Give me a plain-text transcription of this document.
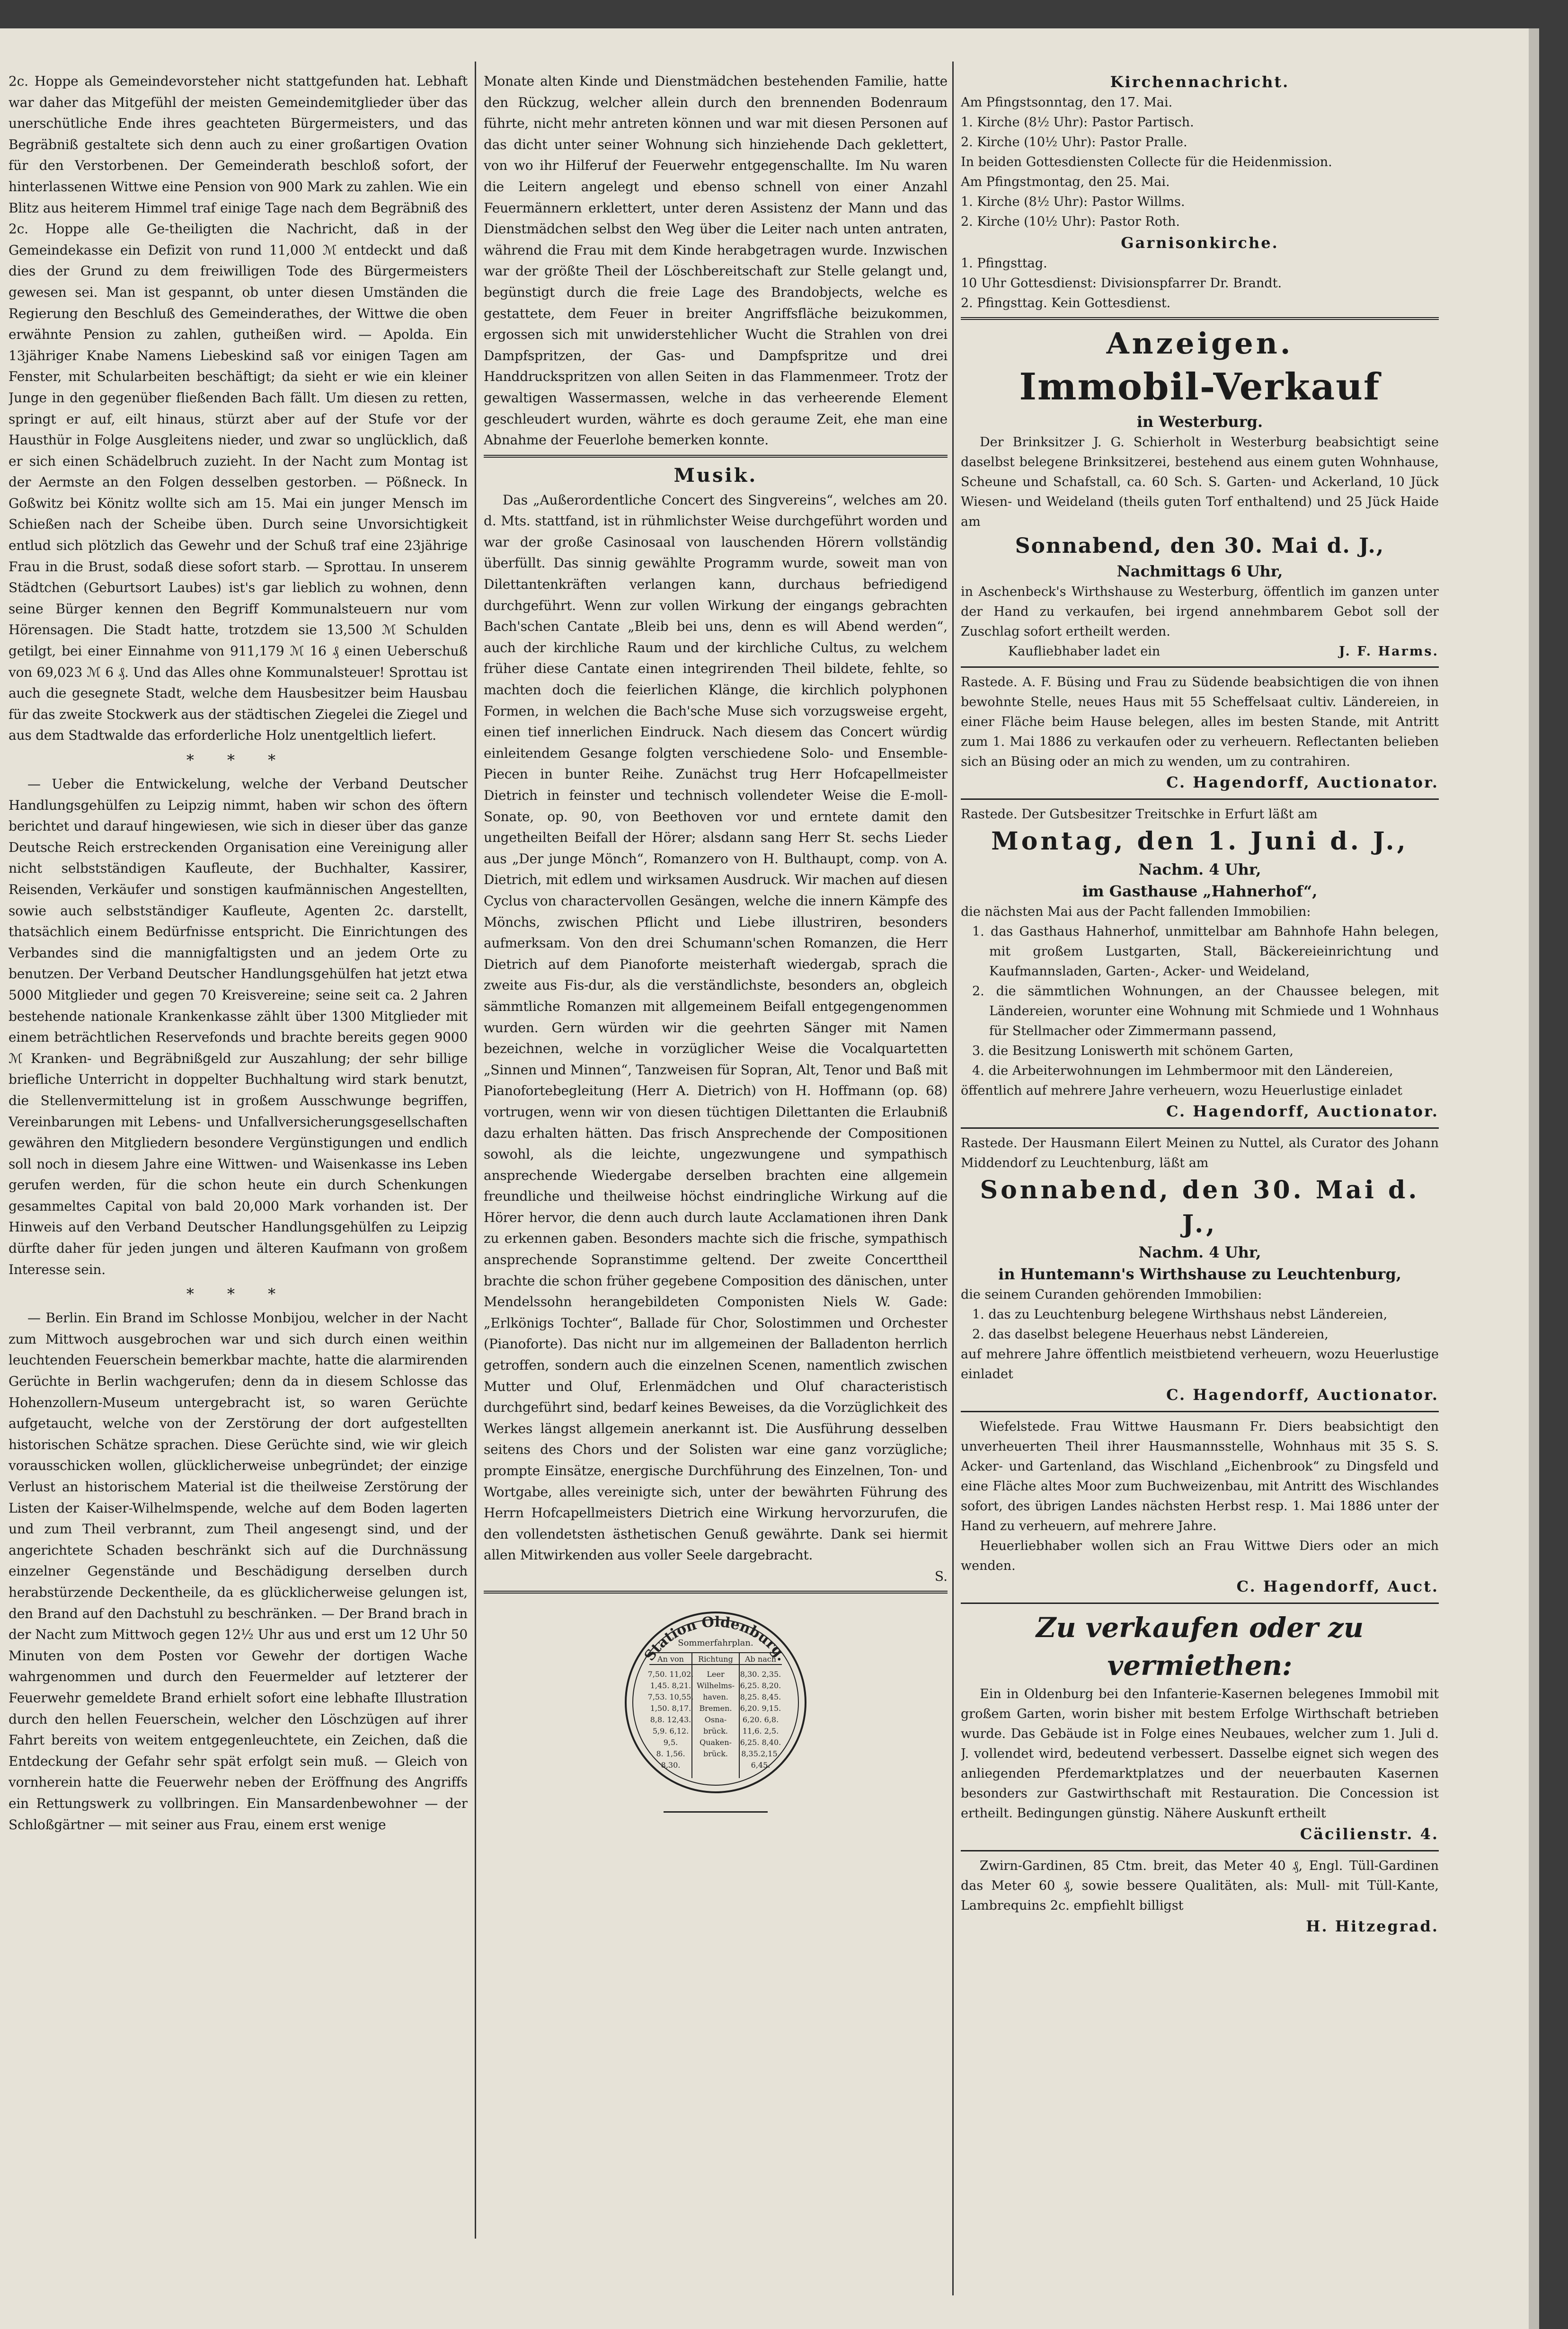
2c. Hoppe als Gemeindevorsteher nicht stattgefunden hat. Lebhaft war daher das Mitgefühl der meisten Gemeindemitglieder über das unerschütliche Ende ihres geachteten Bürgermeisters, und das Begräbniß gestaltete sich denn auch zu einer großartigen Ovation für den Verstorbenen. Der Gemeinderath beschloß sofort, der hinterlassenen Wittwe eine Pension von 900 Mark zu zahlen. Wie ein Blitz aus heiterem Himmel traf einige Tage nach dem Begräbniß des 2c. Hoppe alle Ge-theiligten die Nachricht, daß in der Gemeindekasse ein Defizit von rund 11,000 ℳ entdeckt und daß dies der Grund zu dem freiwilligen Tode des Bürgermeisters gewesen sei. Man ist gespannt, ob unter diesen Umständen die Regierung den Beschluß des Gemeinderathes, der Wittwe die oben erwähnte Pension zu zahlen, gutheißen wird. — Apolda. Ein 13jähriger Knabe Namens Liebeskind saß vor einigen Tagen am Fenster, mit Schularbeiten beschäftigt; da sieht er wie ein kleiner Junge in den gegenüber fließenden Bach fällt. Um diesen zu retten, springt er auf, eilt hinaus, stürzt aber auf der Stufe vor der Hausthür in Folge Ausgleitens nieder, und zwar so unglücklich, daß er sich einen Schädelbruch zuzieht. In der Nacht zum Montag ist der Aermste an den Folgen desselben gestorben. — Pößneck. In Goßwitz bei Könitz wollte sich am 15. Mai ein junger Mensch im Schießen nach der Scheibe üben. Durch seine Unvorsichtigkeit entlud sich plötzlich das Gewehr und der Schuß traf eine 23jährige Frau in die Brust, sodaß diese sofort starb. — Sprottau. In unserem Städtchen (Geburtsort Laubes) ist's gar lieblich zu wohnen, denn seine Bürger kennen den Begriff Kommunalsteuern nur vom Hörensagen. Die Stadt hatte, trotzdem sie 13,500 ℳ Schulden getilgt, bei einer Einnahme von 911,179 ℳ 16 ₰ einen Ueberschuß von 69,023 ℳ 6 ₰. Und das Alles ohne Kommunalsteuer! Sprottau ist auch die gesegnete Stadt, welche dem Hausbesitzer beim Hausbau für das zweite Stockwerk aus der städtischen Ziegelei die Ziegel und aus dem Stadtwalde das erforderliche Holz unentgeltlich liefert.

* * *

— Ueber die Entwickelung, welche der Verband Deutscher Handlungsgehülfen zu Leipzig nimmt, haben wir schon des öftern berichtet und darauf hingewiesen, wie sich in dieser über das ganze Deutsche Reich erstreckenden Organisation eine Vereinigung aller nicht selbstständigen Kaufleute, der Buchhalter, Kassirer, Reisenden, Verkäufer und sonstigen kaufmännischen Angestellten, sowie auch selbstständiger Kaufleute, Agenten 2c. darstellt, thatsächlich einem Bedürfnisse entspricht. Die Einrichtungen des Verbandes sind die mannigfaltigsten und an jedem Orte zu benutzen. Der Verband Deutscher Handlungsgehülfen hat jetzt etwa 5000 Mitglieder und gegen 70 Kreisvereine; seine seit ca. 2 Jahren bestehende nationale Krankenkasse zählt über 1300 Mitglieder mit einem beträchtlichen Reservefonds und brachte bereits gegen 9000 ℳ Kranken- und Begräbnißgeld zur Auszahlung; der sehr billige briefliche Unterricht in doppelter Buchhaltung wird stark benutzt, die Stellenvermittelung ist in großem Ausschwunge begriffen, Vereinbarungen mit Lebens- und Unfallversicherungsgesellschaften gewähren den Mitgliedern besondere Vergünstigungen und endlich soll noch in diesem Jahre eine Wittwen- und Waisenkasse ins Leben gerufen werden, für die schon heute ein durch Schenkungen gesammeltes Capital von bald 20,000 Mark vorhanden ist. Der Hinweis auf den Verband Deutscher Handlungsgehülfen zu Leipzig dürfte daher für jeden jungen und älteren Kaufmann von großem Interesse sein.

* * *

— Berlin. Ein Brand im Schlosse Monbijou, welcher in der Nacht zum Mittwoch ausgebrochen war und sich durch einen weithin leuchtenden Feuerschein bemerkbar machte, hatte die alarmirenden Gerüchte in Berlin wachgerufen; denn da in diesem Schlosse das Hohenzollern-Museum untergebracht ist, so waren Gerüchte aufgetaucht, welche von der Zerstörung der dort aufgestellten historischen Schätze sprachen. Diese Gerüchte sind, wie wir gleich vorausschicken wollen, glücklicherweise unbegründet; der einzige Verlust an historischem Material ist die theilweise Zerstörung der Listen der Kaiser-Wilhelmspende, welche auf dem Boden lagerten und zum Theil verbrannt, zum Theil angesengt sind, und der angerichtete Schaden beschränkt sich auf die Durchnässung einzelner Gegenstände und Beschädigung derselben durch herabstürzende Deckentheile, da es glücklicherweise gelungen ist, den Brand auf den Dachstuhl zu beschränken. — Der Brand brach in der Nacht zum Mittwoch gegen 12½ Uhr aus und erst um 12 Uhr 50 Minuten von dem Posten vor Gewehr der dortigen Wache wahrgenommen und durch den Feuermelder auf letzterer der Feuerwehr gemeldete Brand erhielt sofort eine lebhafte Illustration durch den hellen Feuerschein, welcher den Löschzügen auf ihrer Fahrt bereits von weitem entgegenleuchtete, ein Zeichen, daß die Entdeckung der Gefahr sehr spät erfolgt sein muß. — Gleich von vornherein hatte die Feuerwehr neben der Eröffnung des Angriffs ein Rettungswerk zu vollbringen. Ein Mansardenbewohner — der Schloßgärtner — mit seiner aus Frau, einem erst wenige

Monate alten Kinde und Dienstmädchen bestehenden Familie, hatte den Rückzug, welcher allein durch den brennenden Bodenraum führte, nicht mehr antreten können und war mit diesen Personen auf das dicht unter seiner Wohnung sich hinziehende Dach geklettert, von wo ihr Hilferuf der Feuerwehr entgegenschallte. Im Nu waren die Leitern angelegt und ebenso schnell von einer Anzahl Feuermännern erklettert, unter deren Assistenz der Mann und das Dienstmädchen selbst den Weg über die Leiter nach unten antraten, während die Frau mit dem Kinde herabgetragen wurde. Inzwischen war der größte Theil der Löschbereitschaft zur Stelle gelangt und, begünstigt durch die freie Lage des Brandobjects, welche es gestattete, dem Feuer in breiter Angriffsfläche beizukommen, ergossen sich mit unwiderstehlicher Wucht die Strahlen von drei Dampfspritzen, der Gas- und Dampfspritze und drei Handdruckspritzen von allen Seiten in das Flammenmeer. Trotz der gewaltigen Wassermassen, welche in das verheerende Element geschleudert wurden, währte es doch geraume Zeit, ehe man eine Abnahme der Feuerlohe bemerken konnte.

Musik.

Das „Außerordentliche Concert des Singvereins“, welches am 20. d. Mts. stattfand, ist in rühmlichster Weise durchgeführt worden und war der große Casinosaal von lauschenden Hörern vollständig überfüllt. Das sinnig gewählte Programm wurde, soweit man von Dilettantenkräften verlangen kann, durchaus befriedigend durchgeführt. Wenn zur vollen Wirkung der eingangs gebrachten Bach'schen Cantate „Bleib bei uns, denn es will Abend werden“, auch der kirchliche Raum und der kirchliche Cultus, zu welchem früher diese Cantate einen integrirenden Theil bildete, fehlte, so machten doch die feierlichen Klänge, die kirchlich polyphonen Formen, in welchen die Bach'sche Muse sich vorzugsweise ergeht, einen tief innerlichen Eindruck. Nach diesem das Concert würdig einleitendem Gesange folgten verschiedene Solo- und Ensemble-Piecen in bunter Reihe. Zunächst trug Herr Hofcapellmeister Dietrich in feinster und technisch vollendeter Weise die E-moll-Sonate, op. 90, von Beethoven vor und erntete damit den ungetheilten Beifall der Hörer; alsdann sang Herr St. sechs Lieder aus „Der junge Mönch“, Romanzero von H. Bulthaupt, comp. von A. Dietrich, mit edlem und wirksamen Ausdruck. Wir machen auf diesen Cyclus von charactervollen Gesängen, welche die innern Kämpfe des Mönchs, zwischen Pflicht und Liebe illustriren, besonders aufmerksam. Von den drei Schumann'schen Romanzen, die Herr Dietrich auf dem Pianoforte meisterhaft wiedergab, sprach die zweite aus Fis-dur, als die verständlichste, besonders an, obgleich sämmtliche Romanzen mit allgemeinem Beifall entgegengenommen wurden. Gern würden wir die geehrten Sänger mit Namen bezeichnen, welche in vorzüglicher Weise die Vocalquartetten „Sinnen und Minnen“, Tanzweisen für Sopran, Alt, Tenor und Baß mit Pianofortebegleitung (Herr A. Dietrich) von H. Hoffmann (op. 68) vortrugen, wenn wir von diesen tüchtigen Dilettanten die Erlaubniß dazu erhalten hätten. Das frisch Ansprechende der Compositionen sowohl, als die leichte, ungezwungene und sympathisch ansprechende Wiedergabe derselben brachten eine allgemein freundliche und theilweise höchst eindringliche Wirkung auf die Hörer hervor, die denn auch durch laute Acclamationen ihren Dank zu erkennen gaben. Besonders machte sich die frische, sympathisch ansprechende Sopranstimme geltend. Der zweite Concerttheil brachte die schon früher gegebene Composition des dänischen, unter Mendelssohn herangebildeten Componisten Niels W. Gade: „Erlkönigs Tochter“, Ballade für Chor, Solostimmen und Orchester (Pianoforte). Das nicht nur im allgemeinen der Balladenton herrlich getroffen, sondern auch die einzelnen Scenen, namentlich zwischen Mutter und Oluf, Erlenmädchen und Oluf characteristisch durchgeführt sind, bedarf keines Beweises, da die Vorzüglichkeit des Werkes längst allgemein anerkannt ist. Die Ausführung desselben seitens des Chors und der Solisten war eine ganz vorzügliche; prompte Einsätze, energische Durchführung des Einzelnen, Ton- und Wortgabe, alles vereinigte sich, unter der bewährten Führung des Herrn Hofcapellmeisters Dietrich eine Wirkung hervorzurufen, die den vollendetsten ästhetischen Genuß gewährte. Dank sei hiermit allen Mitwirkenden aus voller Seele dargebracht.

S.
Station Oldenburg.
Sommerfahrplan.
An von Richtung Ab nach
7,50. 11,02.
1,45. 8,21.
7,53. 10,55.
1,50. 8,17.
8,8. 12,43.
5,9. 6,12.
9,5.
8. 1,56.
8,30.
Leer
Wilhelms-
haven.
Bremen.
Osna-
brück.
Quaken-
brück.
8,30. 2,35.
6,25. 8,20.
8,25. 8,45.
6,20. 9,15.
6,20. 6,8.
11,6. 2,5.
6,25. 8,40.
8,35.2,15.
6,45.
Kirchennachricht.
Am Pfingstsonntag, den 17. Mai.
1. Kirche (8½ Uhr): Pastor Partisch.
2. Kirche (10½ Uhr): Pastor Pralle.
In beiden Gottesdiensten Collecte für die Heidenmission.
Am Pfingstmontag, den 25. Mai.
1. Kirche (8½ Uhr): Pastor Willms.
2. Kirche (10½ Uhr): Pastor Roth.
Garnisonkirche.
1. Pfingsttag.
10 Uhr Gottesdienst: Divisionspfarrer Dr. Brandt.
2. Pfingsttag. Kein Gottesdienst.
Anzeigen.
Immobil-Verkauf
in Westerburg.

Der Brinksitzer J. G. Schierholt in Westerburg beabsichtigt seine daselbst belegene Brinksitzerei, bestehend aus einem guten Wohnhause, Scheune und Schafstall, ca. 60 Sch. S. Garten- und Ackerland, 10 Jück Wiesen- und Weideland (theils guten Torf enthaltend) und 25 Jück Haide am

Sonnabend, den 30. Mai d. J.,
Nachmittags 6 Uhr,

in Aschenbeck's Wirthshause zu Westerburg, öffentlich im ganzen unter der Hand zu verkaufen, bei irgend annehmbarem Gebot soll der Zuschlag sofort ertheilt werden.

Kaufliebhaber ladet ein	J. F. Harms.

Rastede. A. F. Büsing und Frau zu Südende beabsichtigen die von ihnen bewohnte Stelle, neues Haus mit 55 Scheffelsaat cultiv. Ländereien, in einer Fläche beim Hause belegen, alles im besten Stande, mit Antritt zum 1. Mai 1886 zu verkaufen oder zu verheuern. Reflectanten belieben sich an Büsing oder an mich zu wenden, um zu contrahiren.

C. Hagendorff, Auctionator.

Rastede. Der Gutsbesitzer Treitschke in Erfurt läßt am

Montag, den 1. Juni d. J.,
Nachm. 4 Uhr,
im Gasthause „Hahnerhof“,

die nächsten Mai aus der Pacht fallenden Immobilien:

1. das Gasthaus Hahnerhof, unmittelbar am Bahnhofe Hahn belegen, mit großem Lustgarten, Stall, Bäckereieinrichtung und Kaufmannsladen, Garten-, Acker- und Weideland,
2. die sämmtlichen Wohnungen, an der Chaussee belegen, mit Ländereien, worunter eine Wohnung mit Schmiede und 1 Wohnhaus für Stellmacher oder Zimmermann passend,
3. die Besitzung Loniswerth mit schönem Garten,
4. die Arbeiterwohnungen im Lehmbermoor mit den Ländereien,

öffentlich auf mehrere Jahre verheuern, wozu Heuerlustige einladet

C. Hagendorff, Auctionator.

Rastede. Der Hausmann Eilert Meinen zu Nuttel, als Curator des Johann Middendorf zu Leuchtenburg, läßt am

Sonnabend, den 30. Mai d. J.,
Nachm. 4 Uhr,
in Huntemann's Wirthshause zu Leuchtenburg,

die seinem Curanden gehörenden Immobilien:

1. das zu Leuchtenburg belegene Wirthshaus nebst Ländereien,
2. das daselbst belegene Heuerhaus nebst Ländereien,

auf mehrere Jahre öffentlich meistbietend verheuern, wozu Heuerlustige einladet

C. Hagendorff, Auctionator.

Wiefelstede. Frau Wittwe Hausmann Fr. Diers beabsichtigt den unverheuerten Theil ihrer Hausmannsstelle, Wohnhaus mit 35 S. S. Acker- und Gartenland, das Wischland „Eichenbrook“ zu Dingsfeld und eine Fläche altes Moor zum Buchweizenbau, mit Antritt des Wischlandes sofort, des übrigen Landes nächsten Herbst resp. 1. Mai 1886 unter der Hand zu verheuern, auf mehrere Jahre.

Heuerliebhaber wollen sich an Frau Wittwe Diers oder an mich wenden.

C. Hagendorff, Auct.
Zu verkaufen oder zu vermiethen:

Ein in Oldenburg bei den Infanterie-Kasernen belegenes Immobil mit großem Garten, worin bisher mit bestem Erfolge Wirthschaft betrieben wurde. Das Gebäude ist in Folge eines Neubaues, welcher zum 1. Juli d. J. vollendet wird, bedeutend verbessert. Dasselbe eignet sich wegen des anliegenden Pferdemarktplatzes und der neuerbauten Kasernen besonders zur Gastwirthschaft mit Restauration. Die Concession ist ertheilt. Bedingungen günstig. Nähere Auskunft ertheilt

Cäcilienstr. 4.

Zwirn-Gardinen, 85 Ctm. breit, das Meter 40 ₰, Engl. Tüll-Gardinen das Meter 60 ₰, sowie bessere Qualitäten, als: Mull- mit Tüll-Kante, Lambrequins 2c. empfiehlt billigst

H. Hitzegrad.
